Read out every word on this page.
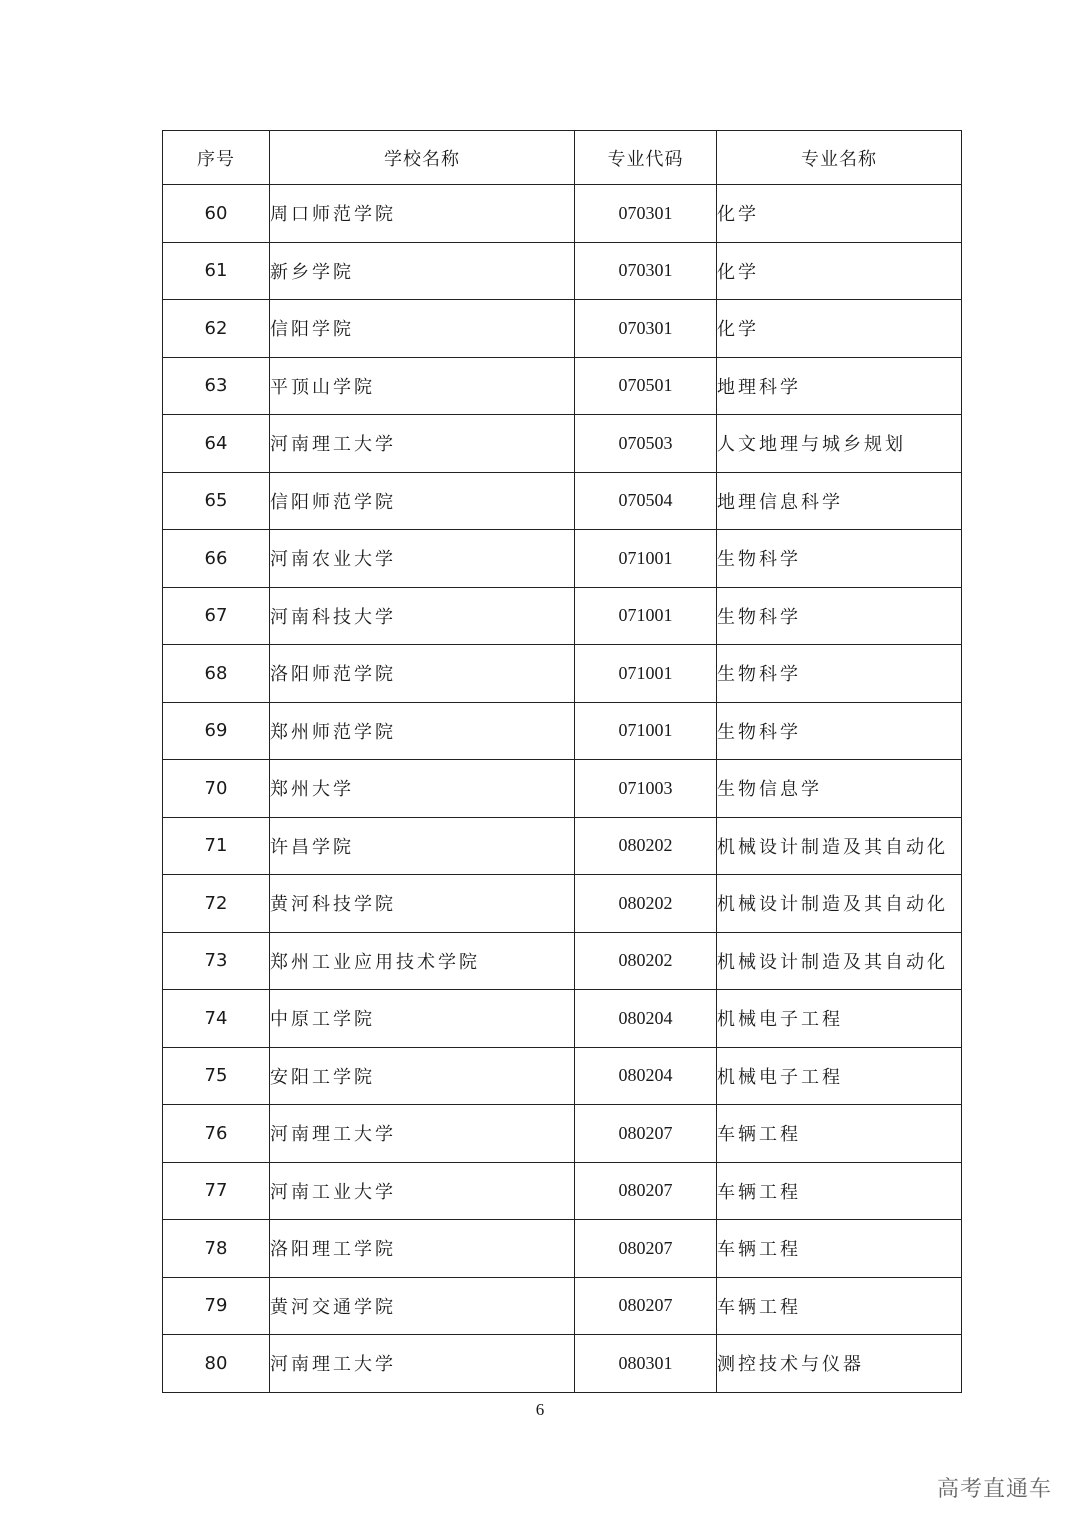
序号	学校名称	专业代码	专业名称
60	周口师范学院	070301	化学
61	新乡学院	070301	化学
62	信阳学院	070301	化学
63	平顶山学院	070501	地理科学
64	河南理工大学	070503	人文地理与城乡规划
65	信阳师范学院	070504	地理信息科学
66	河南农业大学	071001	生物科学
67	河南科技大学	071001	生物科学
68	洛阳师范学院	071001	生物科学
69	郑州师范学院	071001	生物科学
70	郑州大学	071003	生物信息学
71	许昌学院	080202	机械设计制造及其自动化
72	黄河科技学院	080202	机械设计制造及其自动化
73	郑州工业应用技术学院	080202	机械设计制造及其自动化
74	中原工学院	080204	机械电子工程
75	安阳工学院	080204	机械电子工程
76	河南理工大学	080207	车辆工程
77	河南工业大学	080207	车辆工程
78	洛阳理工学院	080207	车辆工程
79	黄河交通学院	080207	车辆工程
80	河南理工大学	080301	测控技术与仪器
6
高考直通车
